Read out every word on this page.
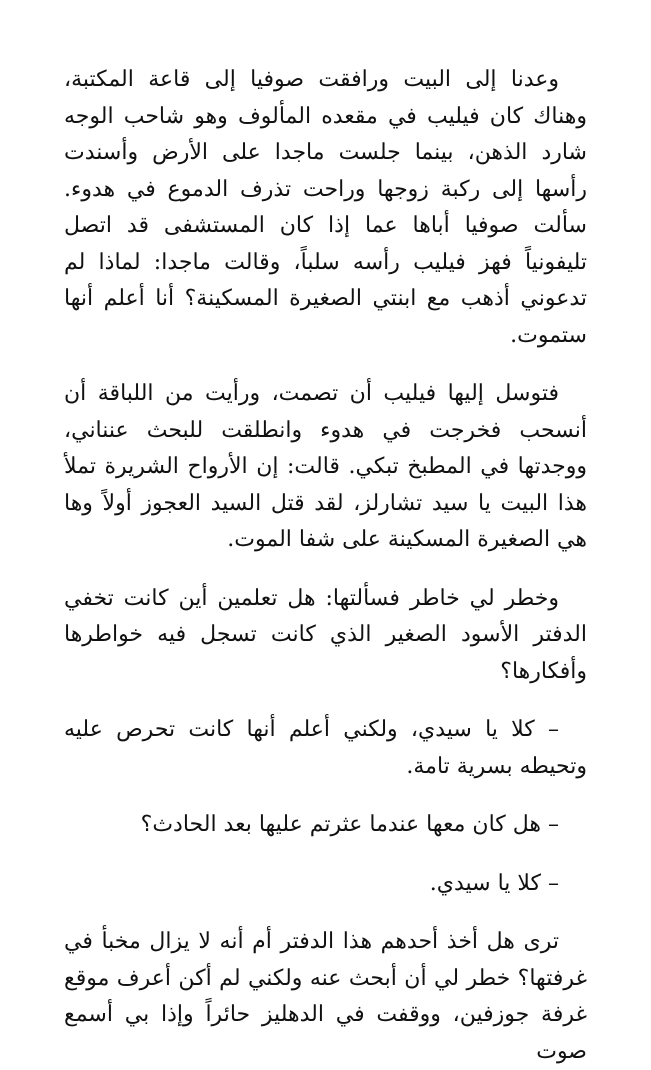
وعدنا إلى البيت ورافقت صوفيا إلى قاعة المكتبة، وهناك كان فيليب في مقعده المألوف وهو شاحب الوجه شارد الذهن، بينما جلست ماجدا على الأرض وأسندت رأسها إلى ركبة زوجها وراحت تذرف الدموع في هدوء. سألت صوفيا أباها عما إذا كان المستشفى قد اتصل تليفونياً فهز فيليب رأسه سلباً، وقالت ماجدا: لماذا لم تدعوني أذهب مع ابنتي الصغيرة المسكينة؟ أنا أعلم أنها ستموت.

فتوسل إليها فيليب أن تصمت، ورأيت من اللباقة أن أنسحب فخرجت في هدوء وانطلقت للبحث عنناني، ووجدتها في المطبخ تبكي. قالت: إن الأرواح الشريرة تملأ هذا البيت يا سيد تشارلز، لقد قتل السيد العجوز أولاً وها هي الصغيرة المسكينة على شفا الموت.

وخطر لي خاطر فسألتها: هل تعلمين أين كانت تخفي الدفتر الأسود الصغير الذي كانت تسجل فيه خواطرها وأفكارها؟

– كلا يا سيدي، ولكني أعلم أنها كانت تحرص عليه وتحيطه بسرية تامة.

– هل كان معها عندما عثرتم عليها بعد الحادث؟

– كلا يا سيدي.

ترى هل أخذ أحدهم هذا الدفتر أم أنه لا يزال مخبأ في غرفتها؟ خطر لي أن أبحث عنه ولكني لم أكن أعرف موقع غرفة جوزفين، ووقفت في الدهليز حائراً وإذا بي أسمع صوت
